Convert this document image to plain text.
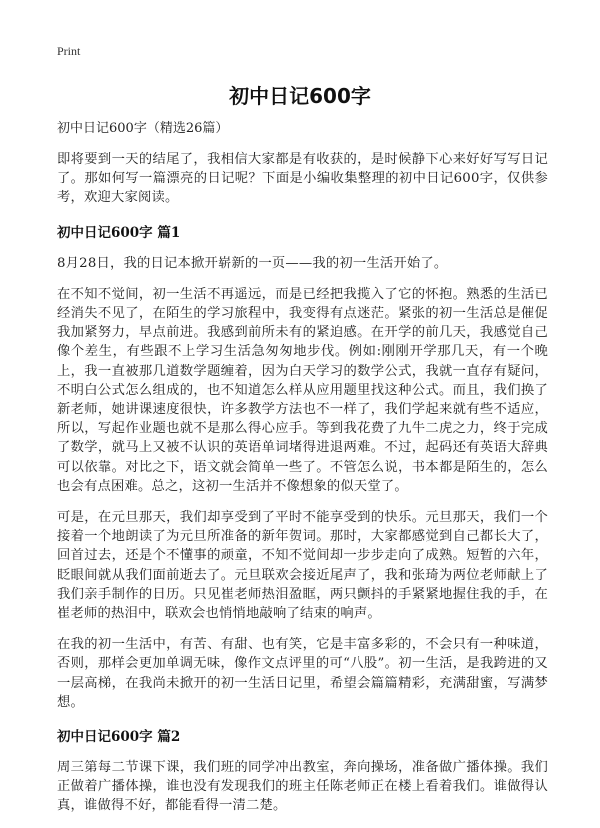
Print
初中日记600字
初中日记600字（精选26篇）

即将要到一天的结尾了，我相信大家都是有收获的，是时候静下心来好好写写日记了。那如何写一篇漂亮的日记呢？下面是小编收集整理的初中日记600字，仅供参考，欢迎大家阅读。

初中日记600字 篇1

8月28日，我的日记本掀开崭新的一页——我的初一生活开始了。

在不知不觉间，初一生活不再遥远，而是已经把我揽入了它的怀抱。熟悉的生活已经消失不见了，在陌生的学习旅程中，我变得有点迷茫。紧张的初一生活总是催促我加紧努力，早点前进。我感到前所未有的紧迫感。在开学的前几天，我感觉自己像个差生，有些跟不上学习生活急匆匆地步伐。例如:刚刚开学那几天，有一个晚上，我一直被那几道数学题缠着，因为白天学习的数学公式，我就一直存有疑问，不明白公式怎么组成的，也不知道怎么样从应用题里找这种公式。而且，我们换了新老师，她讲课速度很快，许多教学方法也不一样了，我们学起来就有些不适应，所以，写起作业题也就不是那么得心应手。等到我花费了九牛二虎之力，终于完成了数学，就马上又被不认识的英语单词堵得进退两难。不过，起码还有英语大辞典可以依靠。对比之下，语文就会简单一些了。不管怎么说，书本都是陌生的，怎么也会有点困难。总之，这初一生活并不像想象的似天堂了。

可是，在元旦那天，我们却享受到了平时不能享受到的快乐。元旦那天，我们一个接着一个地朗读了为元旦所准备的新年贺词。那时，大家都感觉到自己都长大了，回首过去，还是个不懂事的顽童，不知不觉间却一步步走向了成熟。短暂的六年，眨眼间就从我们面前逝去了。元旦联欢会接近尾声了，我和张琦为两位老师献上了我们亲手制作的日历。只见崔老师热泪盈眶，两只颤抖的手紧紧地握住我的手，在崔老师的热泪中，联欢会也悄悄地敲响了结束的响声。

在我的初一生活中，有苦、有甜、也有笑，它是丰富多彩的，不会只有一种味道，否则，那样会更加单调无味，像作文点评里的可“八股”。初一生活，是我跨进的又一层高梯，在我尚未掀开的初一生活日记里，希望会篇篇精彩，充满甜蜜，写满梦想。

初中日记600字 篇2

周三第每二节课下课，我们班的同学冲出教室，奔向操场，准备做广播体操。我们正做着广播体操，谁也没有发现我们的班主任陈老师正在楼上看着我们。谁做得认真，谁做得不好，都能看得一清二楚。
